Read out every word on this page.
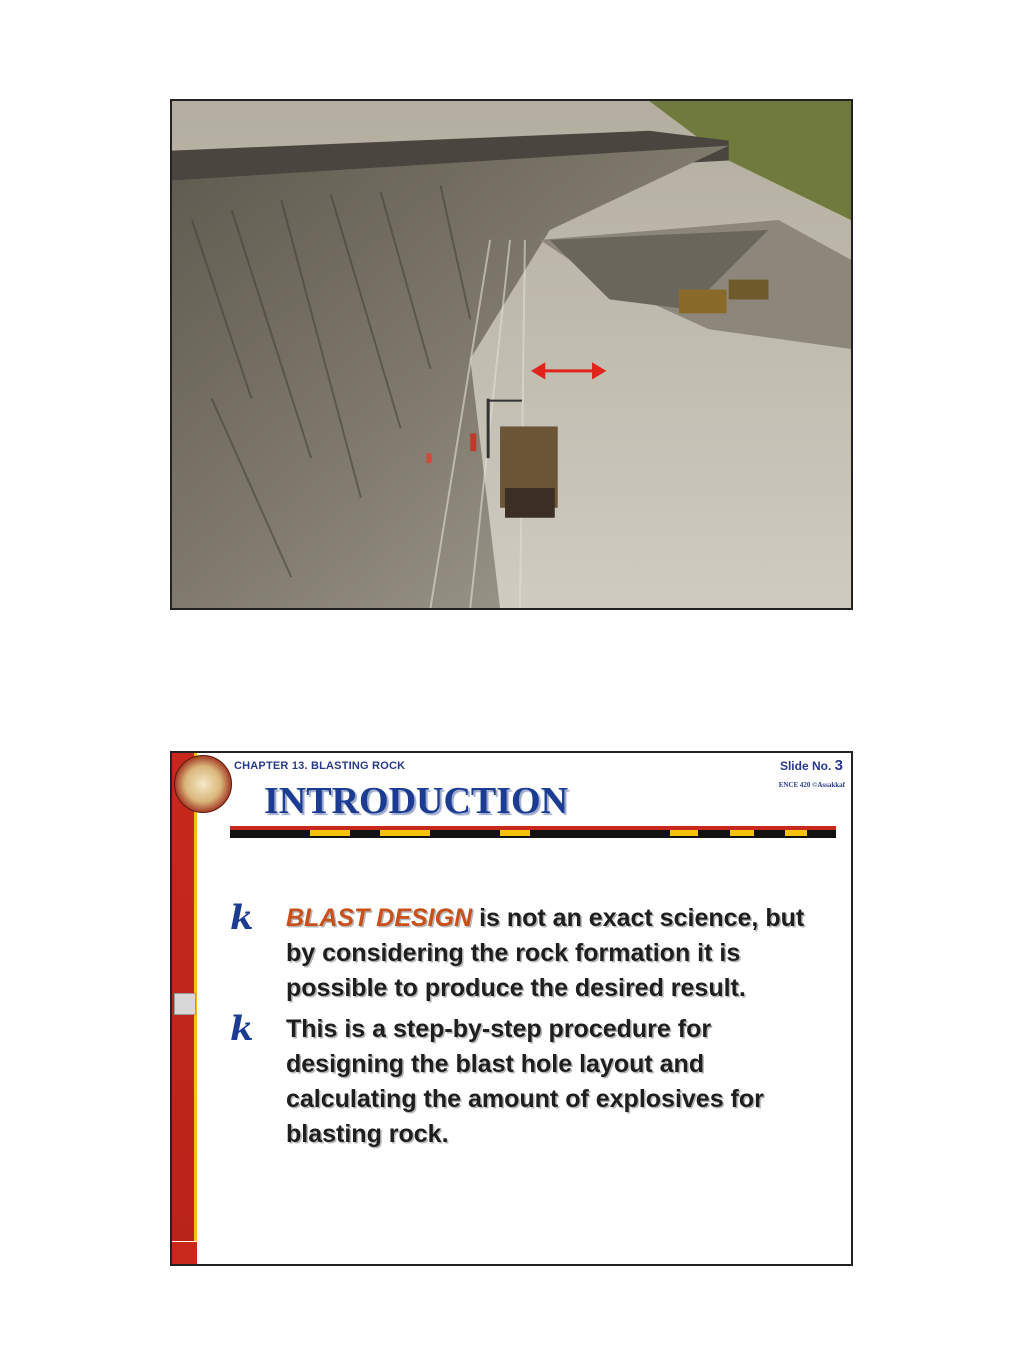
CHAPTER 13. BLASTING ROCK	Slide No. 3
ENCE 420 ©Assakkaf
INTRODUCTION
k BLAST DESIGN is not an exact science, but by considering the rock formation it is possible to produce the desired result.
k This is a step-by-step procedure for designing the blast hole layout and calculating the amount of explosives for blasting rock.
